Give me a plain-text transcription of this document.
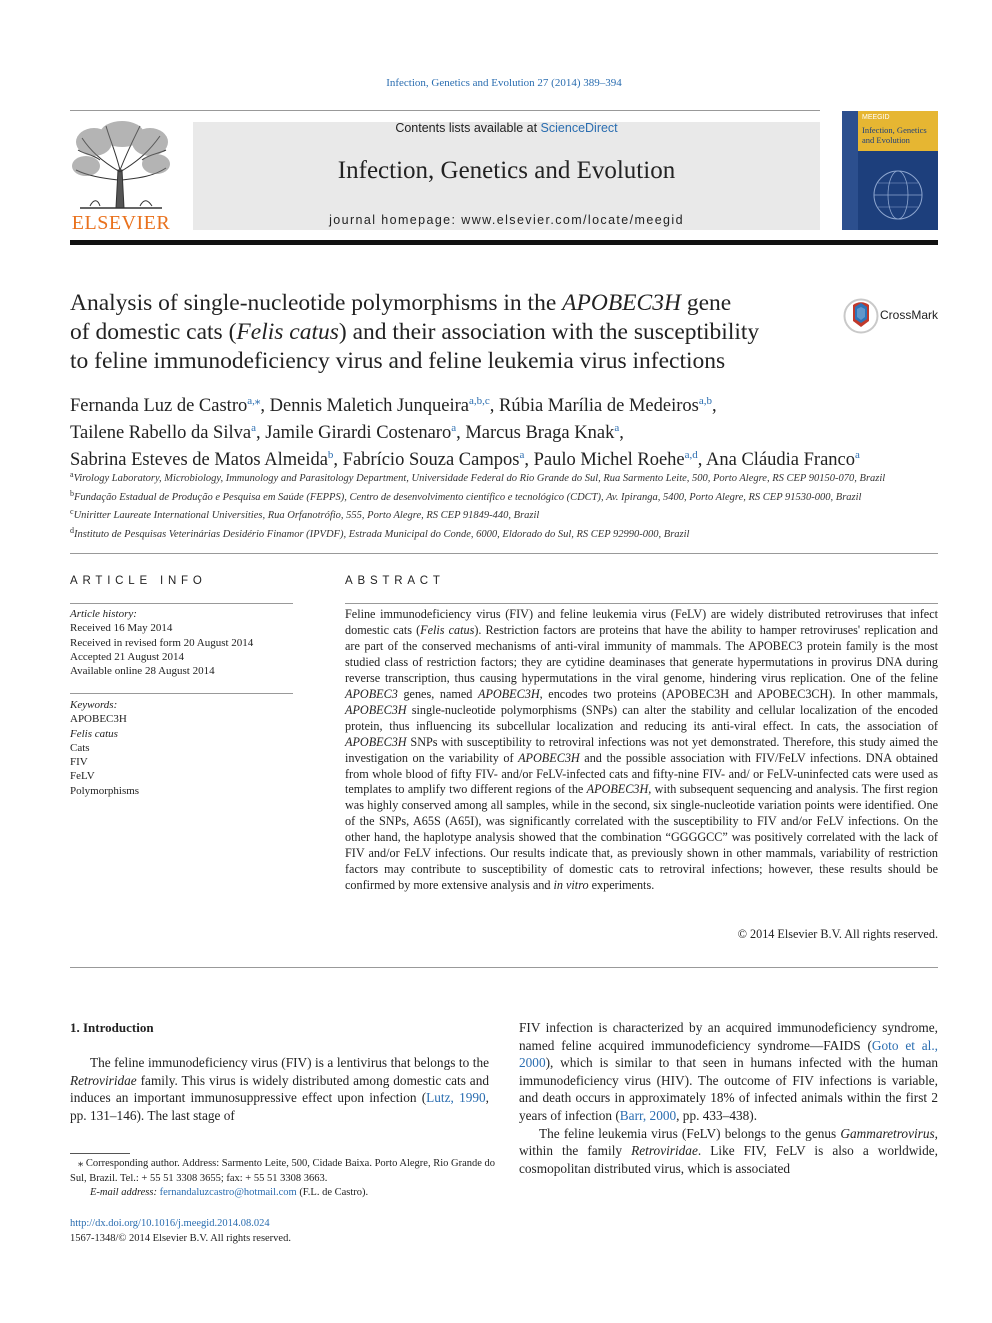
Infection, Genetics and Evolution 27 (2014) 389–394
ELSEVIER
Contents lists available at ScienceDirect
Infection, Genetics and Evolution
journal homepage: www.elsevier.com/locate/meegid
MEEGID
Infection, Genetics
and Evolution
Analysis of single-nucleotide polymorphisms in the APOBEC3H gene
of domestic cats (Felis catus) and their association with the susceptibility
to feline immunodeficiency virus and feline leukemia virus infections
CrossMark
Fernanda Luz de Castro$^{a,⁎}$, Dennis Maletich Junqueira$^{a,b,c}$, Rúbia Marília de Medeiros$^{a,b}$,
Tailene Rabello da Silva$^a$, Jamile Girardi Costenaro$^a$, Marcus Braga Knak$^a$,
Sabrina Esteves de Matos Almeida$^b$, Fabrício Souza Campos$^a$, Paulo Michel Roehe$^{a,d}$, Ana Cláudia Franco$^a$
$^a$Virology Laboratory, Microbiology, Immunology and Parasitology Department, Universidade Federal do Rio Grande do Sul, Rua Sarmento Leite, 500, Porto Alegre, RS CEP 90150-070, Brazil
$^b$Fundação Estadual de Produção e Pesquisa em Saúde (FEPPS), Centro de desenvolvimento científico e tecnológico (CDCT), Av. Ipiranga, 5400, Porto Alegre, RS CEP 91530-000, Brazil
$^c$Uniritter Laureate International Universities, Rua Orfanotrófio, 555, Porto Alegre, RS CEP 91849-440, Brazil
$^d$Instituto de Pesquisas Veterinárias Desidério Finamor (IPVDF), Estrada Municipal do Conde, 6000, Eldorado do Sul, RS CEP 92990-000, Brazil
ARTICLE INFO
Article history:
Received 16 May 2014
Received in revised form 20 August 2014
Accepted 21 August 2014
Available online 28 August 2014
Keywords:
APOBEC3H
Felis catus
Cats
FIV
FeLV
Polymorphisms
ABSTRACT
Feline immunodeficiency virus (FIV) and feline leukemia virus (FeLV) are widely distributed retroviruses that infect domestic cats (Felis catus). Restriction factors are proteins that have the ability to hamper retroviruses' replication and are part of the conserved mechanisms of anti-viral immunity of mammals. The APOBEC3 protein family is the most studied class of restriction factors; they are cytidine deaminases that generate hypermutations in provirus DNA during reverse transcription, thus causing hypermutations in the viral genome, hindering virus replication. One of the feline APOBEC3 genes, named APOBEC3H, encodes two proteins (APOBEC3H and APOBEC3CH). In other mammals, APOBEC3H single-nucleotide polymorphisms (SNPs) can alter the stability and cellular localization of the encoded protein, thus influencing its subcellular localization and reducing its anti-viral effect. In cats, the association of APOBEC3H SNPs with susceptibility to retroviral infections was not yet demonstrated. Therefore, this study aimed the investigation on the variability of APOBEC3H and the possible association with FIV/FeLV infections. DNA obtained from whole blood of fifty FIV- and/or FeLV-infected cats and fifty-nine FIV- and/ or FeLV-uninfected cats were used as templates to amplify two different regions of the APOBEC3H, with subsequent sequencing and analysis. The first region was highly conserved among all samples, while in the second, six single-nucleotide variation points were identified. One of the SNPs, A65S (A65I), was significantly correlated with the susceptibility to FIV and/or FeLV infections. On the other hand, the haplotype analysis showed that the combination “GGGGCC” was positively correlated with the lack of FIV and/or FeLV infections. Our results indicate that, as previously shown in other mammals, variability of restriction factors may contribute to susceptibility of domestic cats to retroviral infections; however, these results should be confirmed by more extensive analysis and in vitro experiments.
© 2014 Elsevier B.V. All rights reserved.
1. Introduction
The feline immunodeficiency virus (FIV) is a lentivirus that belongs to the Retroviridae family. This virus is widely distributed among domestic cats and induces an important immunosuppressive effect upon infection (Lutz, 1990, pp. 131–146). The last stage of
FIV infection is characterized by an acquired immunodeficiency syndrome, named feline acquired immunodeficiency syndrome—FAIDS (Goto et al., 2000), which is similar to that seen in humans infected with the human immunodeficiency virus (HIV). The outcome of FIV infections is variable, and death occurs in approximately 18% of infected animals within the first 2 years of infection (Barr, 2000, pp. 433–438).
The feline leukemia virus (FeLV) belongs to the genus Gammaretrovirus, within the family Retroviridae. Like FIV, FeLV is also a worldwide, cosmopolitan distributed virus, which is associated
⁎ Corresponding author. Address: Sarmento Leite, 500, Cidade Baixa. Porto Alegre, Rio Grande do Sul, Brazil. Tel.: + 55 51 3308 3655; fax: + 55 51 3308 3663.
E-mail address: fernandaluzcastro@hotmail.com (F.L. de Castro).
http://dx.doi.org/10.1016/j.meegid.2014.08.024
1567-1348/© 2014 Elsevier B.V. All rights reserved.
